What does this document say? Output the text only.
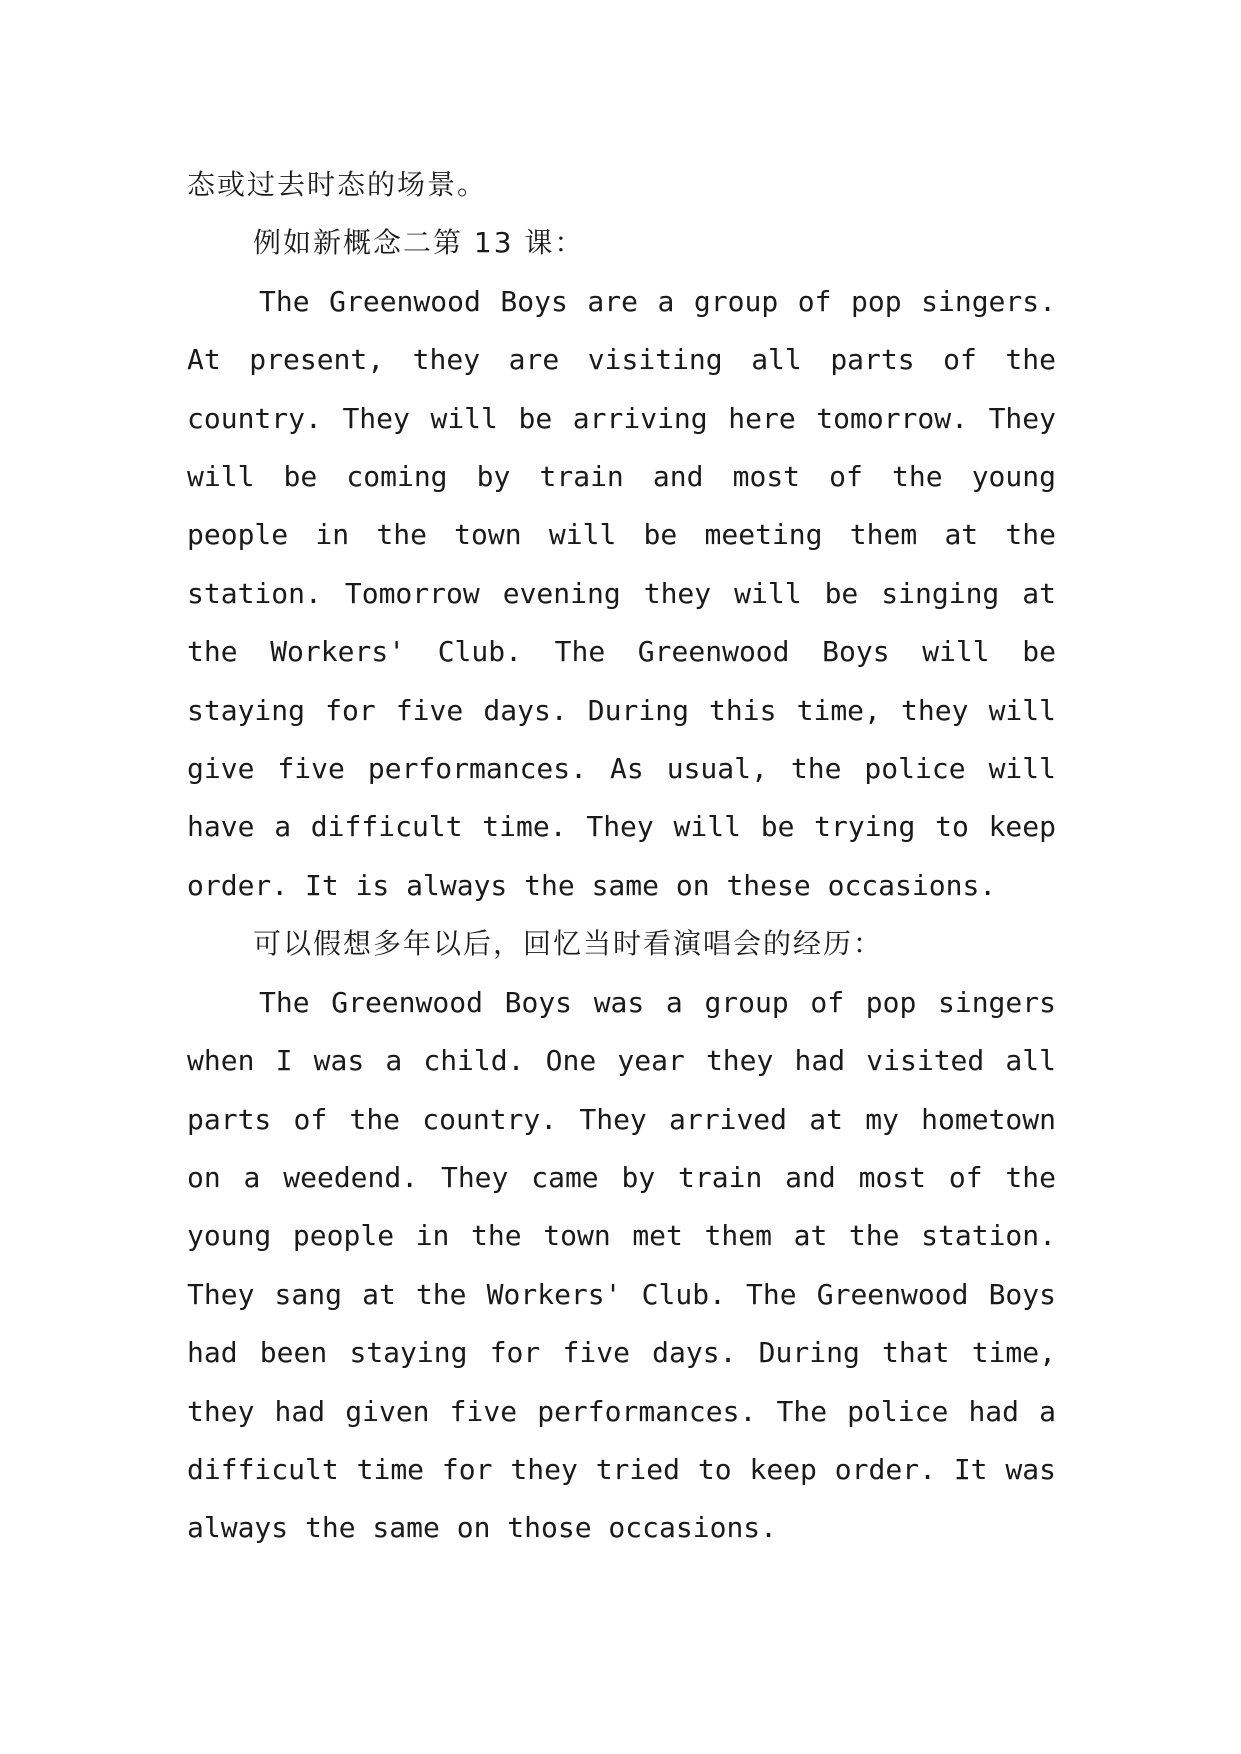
态或过去时态的场景。

例如新概念二第 13 课：

The Greenwood Boys are a group of pop singers. At present, they are visiting all parts of the country. They will be arriving here tomorrow. They will be coming by train and most of the young people in the town will be meeting them at the station. Tomorrow evening they will be singing at the Workers' Club. The Greenwood Boys will be staying for five days. During this time, they will give five performances. As usual, the police will have a difficult time. They will be trying to keep order. It is always the same on these occasions.

可以假想多年以后，回忆当时看演唱会的经历：

The Greenwood Boys was a group of pop singers when I was a child. One year they had visited all parts of the country. They arrived at my hometown on a weedend. They came by train and most of the young people in the town met them at the station. They sang at the Workers' Club. The Greenwood Boys had been staying for five days. During that time, they had given five performances. The police had a difficult time for they tried to keep order. It was always the same on those occasions.
